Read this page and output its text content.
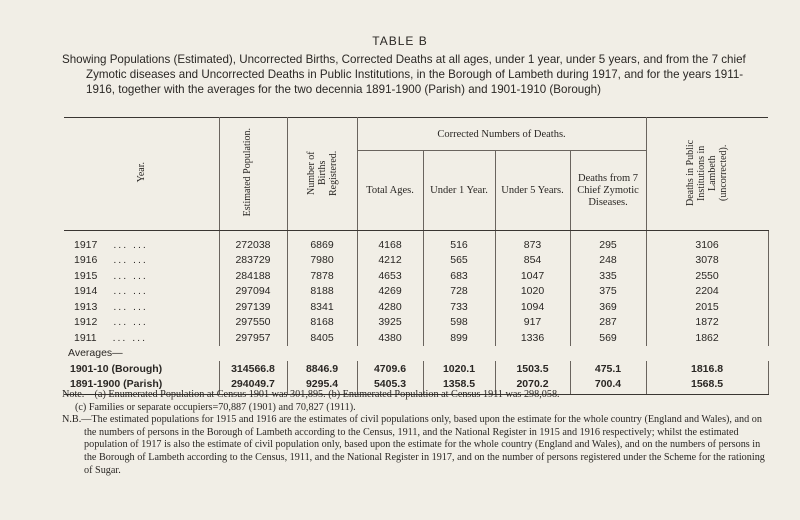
TABLE B
Showing Populations (Estimated), Uncorrected Births, Corrected Deaths at all ages, under 1 year, under 5 years, and from the 7 chief Zymotic diseases and Uncorrected Deaths in Public Institutions, in the Borough of Lambeth during 1917, and for the years 1911-1916, together with the averages for the two decennia 1891-1900 (Parish) and 1901-1910 (Borough)
Year.	Estimated Population.	Number of Births Registered.	Corrected Numbers of Deaths.				Deaths in Public Institutions in Lambeth (uncorrected).
			Total Ages.	Under 1 Year.	Under 5 Years.	Deaths from 7 Chief Zymotic Diseases.	
1917 ... ...	272038	6869	4168	516	873	295	3106
1916 ... ...	283729	7980	4212	565	854	248	3078
1915 ... ...	284188	7878	4653	683	1047	335	2550
1914 ... ...	297094	8188	4269	728	1020	375	2204
1913 ... ...	297139	8341	4280	733	1094	369	2015
1912 ... ...	297550	8168	3925	598	917	287	1872
1911 ... ...	297957	8405	4380	899	1336	569	1862
Averages—							
1901-10 (Borough)	314566.8	8846.9	4709.6	1020.1	1503.5	475.1	1816.8
1891-1900 (Parish)	294049.7	9295.4	5405.3	1358.5	2070.2	700.4	1568.5

Note.—(a) Enumerated Population at Census 1901 was 301,895. (b) Enumerated Population at Census 1911 was 298,058.

(c) Families or separate occupiers=70,887 (1901) and 70,827 (1911).

N.B.—The estimated populations for 1915 and 1916 are the estimates of civil populations only, based upon the estimate for the whole country (England and Wales), and on the numbers of persons in the Borough of Lambeth according to the Census, 1911, and the National Register in 1915 and 1916 respectively; whilst the estimated population of 1917 is also the estimate of civil population only, based upon the estimate for the whole country (England and Wales), and on the numbers of persons in the Borough of Lambeth according to the Census, 1911, and the National Register in 1917, and on the number of persons registered under the Scheme for the rationing of Sugar.
